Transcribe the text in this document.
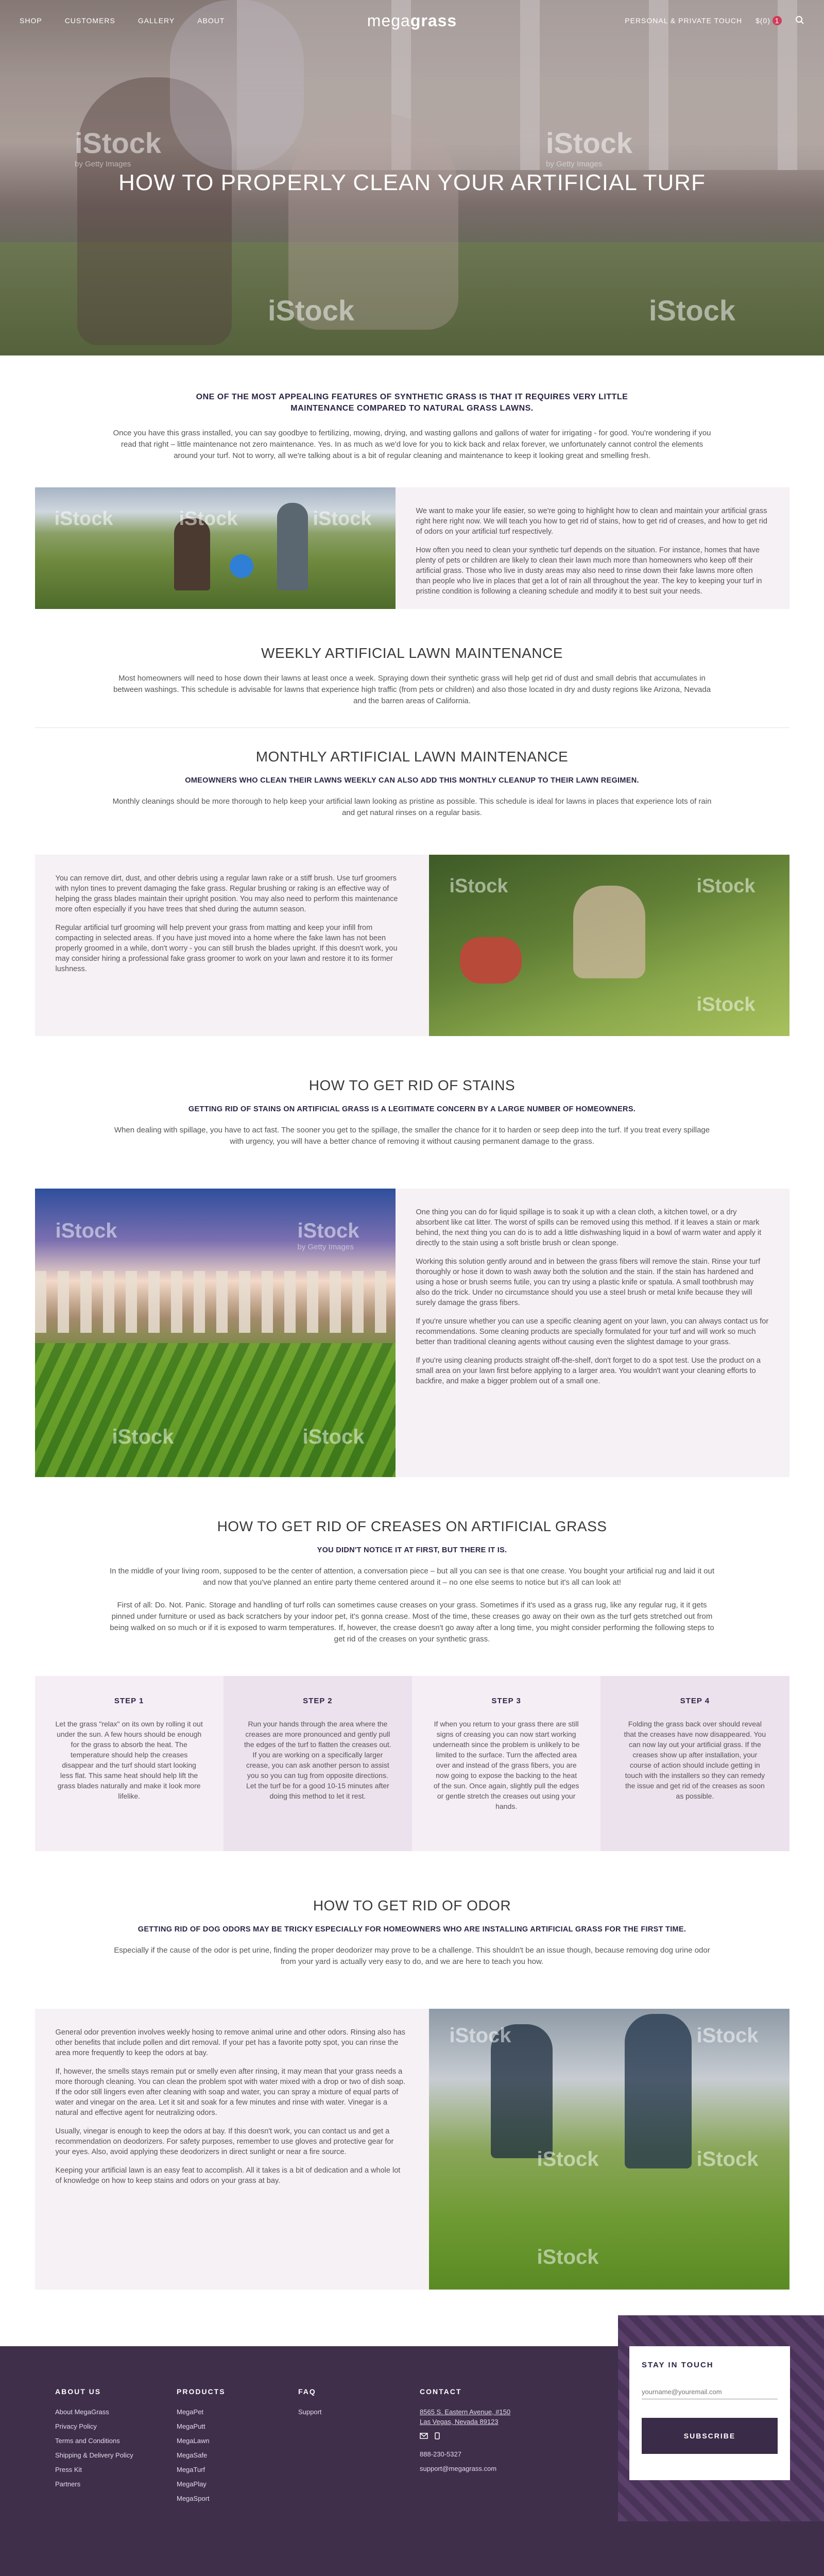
iStock
by Getty Images
iStock
by Getty Images
iStock	iStock
SHOP	CUSTOMERS	GALLERY	ABOUT	megagrass	PERSONAL & PRIVATE TOUCH $(0) 1
HOW TO PROPERLY CLEAN YOUR ARTIFICIAL TURF
ONE OF THE MOST APPEALING FEATURES OF SYNTHETIC GRASS IS THAT IT REQUIRES VERY LITTLE MAINTENANCE COMPARED TO NATURAL GRASS LAWNS.

Once you have this grass installed, you can say goodbye to fertilizing, mowing, drying, and wasting gallons and gallons of water for irrigating - for good. You're wondering if you read that right – little maintenance not zero maintenance. Yes. In as much as we'd love for you to kick back and relax forever, we unfortunately cannot control the elements around your turf. Not to worry, all we're talking about is a bit of regular cleaning and maintenance to keep it looking great and smelling fresh.

iStock	iStock	iStock	We want to make your life easier, so we're going to highlight how to clean and maintain your artificial grass right here right now. We will teach you how to get rid of stains, how to get rid of creases, and how to get rid of odors on your artificial turf respectively.

How often you need to clean your synthetic turf depends on the situation. For instance, homes that have plenty of pets or children are likely to clean their lawn much more than homeowners who keep off their artificial grass. Those who live in dusty areas may also need to rinse down their fake lawns more often than people who live in places that get a lot of rain all throughout the year. The key to keeping your turf in pristine condition is following a cleaning schedule and modify it to best suit your needs.

WEEKLY ARTIFICIAL LAWN MAINTENANCE

Most homeowners will need to hose down their lawns at least once a week. Spraying down their synthetic grass will help get rid of dust and small debris that accumulates in between washings. This schedule is advisable for lawns that experience high traffic (from pets or children) and also those located in dry and dusty regions like Arizona, Nevada and the barren areas of California.

MONTHLY ARTIFICIAL LAWN MAINTENANCE
OMEOWNERS WHO CLEAN THEIR LAWNS WEEKLY CAN ALSO ADD THIS MONTHLY CLEANUP TO THEIR LAWN REGIMEN.

Monthly cleanings should be more thorough to help keep your artificial lawn looking as pristine as possible. This schedule is ideal for lawns in places that experience lots of rain and get natural rinses on a regular basis.

You can remove dirt, dust, and other debris using a regular lawn rake or a stiff brush. Use turf groomers with nylon tines to prevent damaging the fake grass. Regular brushing or raking is an effective way of helping the grass blades maintain their upright position. You may also need to perform this maintenance more often especially if you have trees that shed during the autumn season.

Regular artificial turf grooming will help prevent your grass from matting and keep your infill from compacting in selected areas. If you have just moved into a home where the fake lawn has not been properly groomed in a while, don't worry - you can still brush the blades upright. If this doesn't work, you may consider hiring a professional fake grass groomer to work on your lawn and restore it to its former lushness.

iStock	iStock
iStock
HOW TO GET RID OF STAINS
GETTING RID OF STAINS ON ARTIFICIAL GRASS IS A LEGITIMATE CONCERN BY A LARGE NUMBER OF HOMEOWNERS.

When dealing with spillage, you have to act fast. The sooner you get to the spillage, the smaller the chance for it to harden or seep deep into the turf. If you treat every spillage with urgency, you will have a better chance of removing it without causing permanent damage to the grass.

iStock	iStock
by Getty Images
iStock	iStock

One thing you can do for liquid spillage is to soak it up with a clean cloth, a kitchen towel, or a dry absorbent like cat litter. The worst of spills can be removed using this method. If it leaves a stain or mark behind, the next thing you can do is to add a little dishwashing liquid in a bowl of warm water and apply it directly to the stain using a soft bristle brush or clean sponge.

Working this solution gently around and in between the grass fibers will remove the stain. Rinse your turf thoroughly or hose it down to wash away both the solution and the stain. If the stain has hardened and using a hose or brush seems futile, you can try using a plastic knife or spatula. A small toothbrush may also do the trick. Under no circumstance should you use a steel brush or metal knife because they will surely damage the grass fibers.

If you're unsure whether you can use a specific cleaning agent on your lawn, you can always contact us for recommendations. Some cleaning products are specially formulated for your turf and will work so much better than traditional cleaning agents without causing even the slightest damage to your grass.

If you're using cleaning products straight off-the-shelf, don't forget to do a spot test. Use the product on a small area on your lawn first before applying to a larger area. You wouldn't want your cleaning efforts to backfire, and make a bigger problem out of a small one.

HOW TO GET RID OF CREASES ON ARTIFICIAL GRASS
YOU DIDN'T NOTICE IT AT FIRST, BUT THERE IT IS.

In the middle of your living room, supposed to be the center of attention, a conversation piece – but all you can see is that one crease. You bought your artificial rug and laid it out and now that you've planned an entire party theme centered around it – no one else seems to notice but it's all can look at!

First of all: Do. Not. Panic. Storage and handling of turf rolls can sometimes cause creases on your grass. Sometimes if it's used as a grass rug, like any regular rug, it it gets pinned under furniture or used as back scratchers by your indoor pet, it's gonna crease. Most of the time, these creases go away on their own as the turf gets stretched out from being walked on so much or if it is exposed to warm temperatures. If, however, the crease doesn't go away after a long time, you might consider performing the following steps to get rid of the creases on your synthetic grass.

STEP 1

Let the grass "relax" on its own by rolling it out under the sun. A few hours should be enough for the grass to absorb the heat. The temperature should help the creases disappear and the turf should start looking less flat. This same heat should help lift the grass blades naturally and make it look more lifelike.

STEP 2

Run your hands through the area where the creases are more pronounced and gently pull the edges of the turf to flatten the creases out. If you are working on a specifically larger crease, you can ask another person to assist you so you can tug from opposite directions. Let the turf be for a good 10-15 minutes after doing this method to let it rest.

STEP 3

If when you return to your grass there are still signs of creasing you can now start working underneath since the problem is unlikely to be limited to the surface. Turn the affected area over and instead of the grass fibers, you are now going to expose the backing to the heat of the sun. Once again, slightly pull the edges or gentle stretch the creases out using your hands.

STEP 4

Folding the grass back over should reveal that the creases have now disappeared. You can now lay out your artificial grass. If the creases show up after installation, your course of action should include getting in touch with the installers so they can remedy the issue and get rid of the creases as soon as possible.

HOW TO GET RID OF ODOR
GETTING RID OF DOG ODORS MAY BE TRICKY ESPECIALLY FOR HOMEOWNERS WHO ARE INSTALLING ARTIFICIAL GRASS FOR THE FIRST TIME.

Especially if the cause of the odor is pet urine, finding the proper deodorizer may prove to be a challenge. This shouldn't be an issue though, because removing dog urine odor from your yard is actually very easy to do, and we are here to teach you how.

General odor prevention involves weekly hosing to remove animal urine and other odors. Rinsing also has other benefits that include pollen and dirt removal. If your pet has a favorite potty spot, you can rinse the area more frequently to keep the odors at bay.

If, however, the smells stays remain put or smelly even after rinsing, it may mean that your grass needs a more thorough cleaning. You can clean the problem spot with water mixed with a drop or two of dish soap. If the odor still lingers even after cleaning with soap and water, you can spray a mixture of equal parts of water and vinegar on the area. Let it sit and soak for a few minutes and rinse with water. Vinegar is a natural and effective agent for neutralizing odors.

Usually, vinegar is enough to keep the odors at bay. If this doesn't work, you can contact us and get a recommendation on deodorizers. For safety purposes, remember to use gloves and protective gear for your eyes. Also, avoid applying these deodorizers in direct sunlight or near a fire source.

Keeping your artificial lawn is an easy feat to accomplish. All it takes is a bit of dedication and a whole lot of knowledge on how to keep stains and odors on your grass at bay.

iStock	iStock
iStock	iStock
iStock
ABOUT US
About MegaGrass
Privacy Policy
Terms and Conditions
Shipping & Delivery Policy
Press Kit
Partners
PRODUCTS
MegaPet
MegaPutt
MegaLawn
MegaSafe
MegaTurf
MegaPlay
MegaSport
FAQ
Support
CONTACT
8565 S. Eastern Avenue, #150
Las Vegas, Nevada 89123
888-230-5327
support@megagrass.com
STAY IN TOUCH
yourname@youremail.com SUBSCRIBE
